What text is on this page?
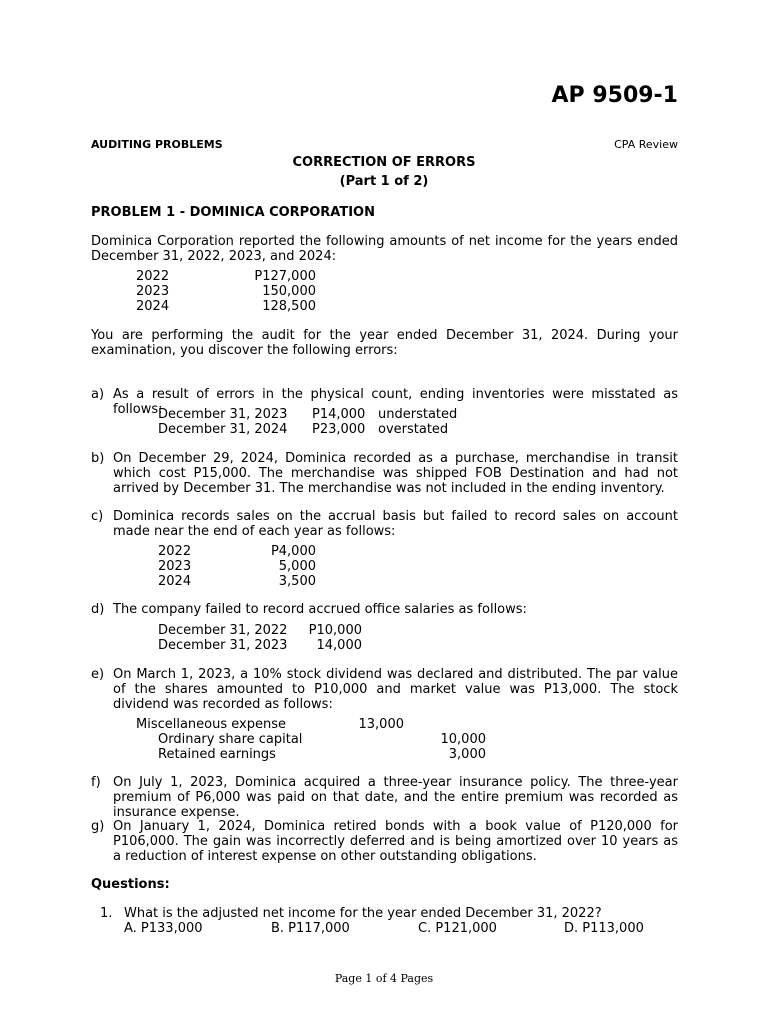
AP 9509-1
AUDITING PROBLEMS	CPA Review
CORRECTION OF ERRORS
(Part 1 of 2)
PROBLEM 1 - DOMINICA CORPORATION
Dominica Corporation reported the following amounts of net income for the years ended December 31, 2022, 2023, and 2024:
2022	P127,000
2023	150,000
2024	128,500
You are performing the audit for the year ended December 31, 2024. During your examination, you discover the following errors:
a) As a result of errors in the physical count, ending inventories were misstated as follows:
December 31, 2023 P14,000 understated
December 31, 2024 P23,000 overstated
b) On December 29, 2024, Dominica recorded as a purchase, merchandise in transit which cost P15,000. The merchandise was shipped FOB Destination and had not arrived by December 31. The merchandise was not included in the ending inventory.
c) Dominica records sales on the accrual basis but failed to record sales on account made near the end of each year as follows:
2022	P4,000
2023	5,000
2024	3,500
d) The company failed to record accrued office salaries as follows:
December 31, 2022	P10,000
December 31, 2023	14,000
e) On March 1, 2023, a 10% stock dividend was declared and distributed. The par value of the shares amounted to P10,000 and market value was P13,000. The stock dividend was recorded as follows:
Miscellaneous expense	13,000
Ordinary share capital	10,000
Retained earnings	3,000
f) On July 1, 2023, Dominica acquired a three-year insurance policy. The three-year premium of P6,000 was paid on that date, and the entire premium was recorded as insurance expense.
g) On January 1, 2024, Dominica retired bonds with a book value of P120,000 for P106,000. The gain was incorrectly deferred and is being amortized over 10 years as a reduction of interest expense on other outstanding obligations.
Questions:
1. What is the adjusted net income for the year ended December 31, 2022?
A. P133,000	B. P117,000	C. P121,000	D. P113,000
Page 1 of 4 Pages
